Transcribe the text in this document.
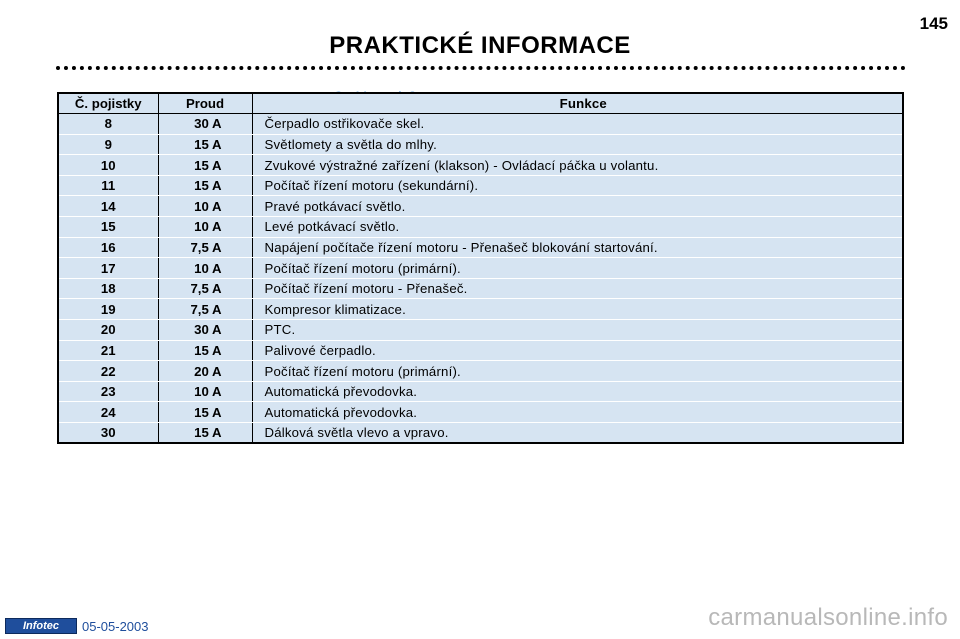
145
PRAKTICKÉ INFORMACE
Č. pojistky	Proud	Funkce
8	30 A	Čerpadlo ostřikovače skel.
9	15 A	Světlomety a světla do mlhy.
10	15 A	Zvukové výstražné zařízení (klakson) - Ovládací páčka u volantu.
11	15 A	Počítač řízení motoru (sekundární).
14	10 A	Pravé potkávací světlo.
15	10 A	Levé potkávací světlo.
16	7,5 A	Napájení počítače řízení motoru - Přenašeč blokování startování.
17	10 A	Počítač řízení motoru (primární).
18	7,5 A	Počítač řízení motoru - Přenašeč.
19	7,5 A	Kompresor klimatizace.
20	30 A	PTC.
21	15 A	Palivové čerpadlo.
22	20 A	Počítač řízení motoru (primární).
23	10 A	Automatická převodovka.
24	15 A	Automatická převodovka.
30	15 A	Dálková světla vlevo a vpravo.
Infotec	05-05-2003	carmanualsonline.info
